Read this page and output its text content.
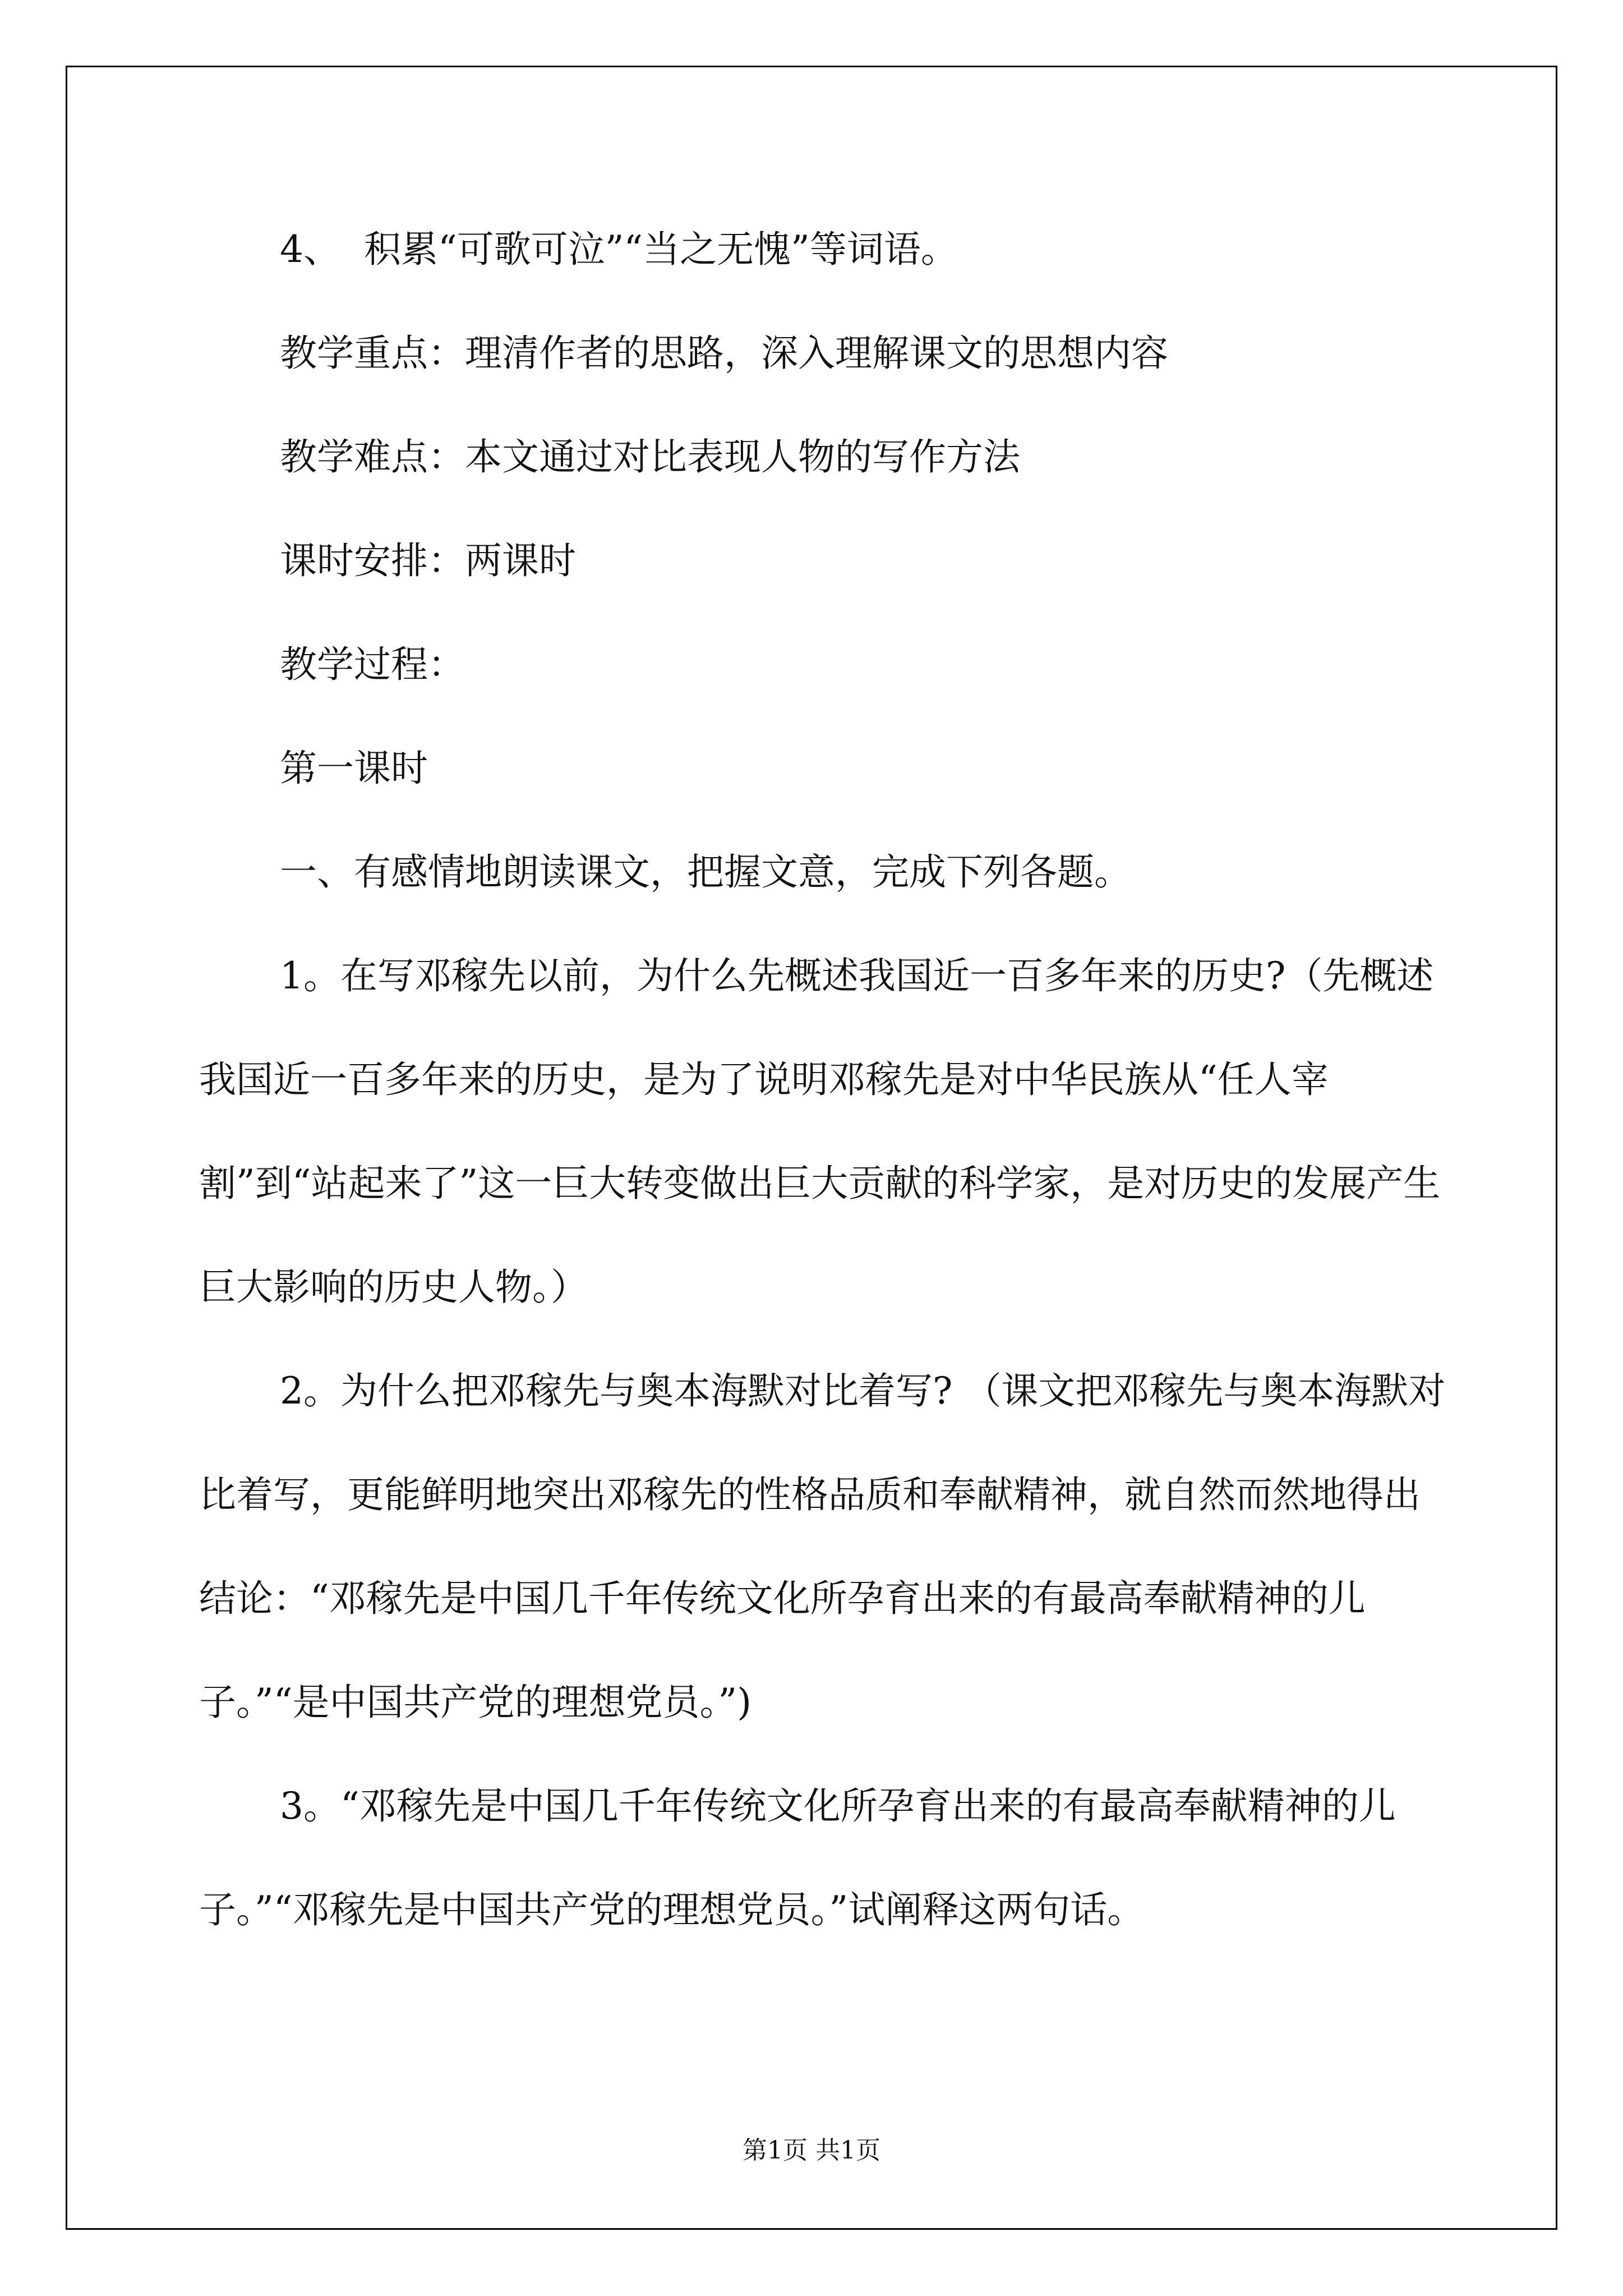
4、  积累“可歌可泣”“当之无愧”等词语。

教学重点：理清作者的思路，深入理解课文的思想内容

教学难点：本文通过对比表现人物的写作方法

课时安排：两课时

教学过程：

第一课时

一、有感情地朗读课文，把握文意，完成下列各题。

1。在写邓稼先以前，为什么先概述我国近一百多年来的历史?（先概述我国近一百多年来的历史，是为了说明邓稼先是对中华民族从“任人宰割”到“站起来了”这一巨大转变做出巨大贡献的科学家，是对历史的发展产生巨大影响的历史人物。）

2。为什么把邓稼先与奥本海默对比着写? （课文把邓稼先与奥本海默对比着写，更能鲜明地突出邓稼先的性格品质和奉献精神，就自然而然地得出结论：“邓稼先是中国几千年传统文化所孕育出来的有最高奉献精神的儿子。”“是中国共产党的理想党员。”)

3。“邓稼先是中国几千年传统文化所孕育出来的有最高奉献精神的儿子。”“邓稼先是中国共产党的理想党员。”试阐释这两句话。

第1页 共1页
